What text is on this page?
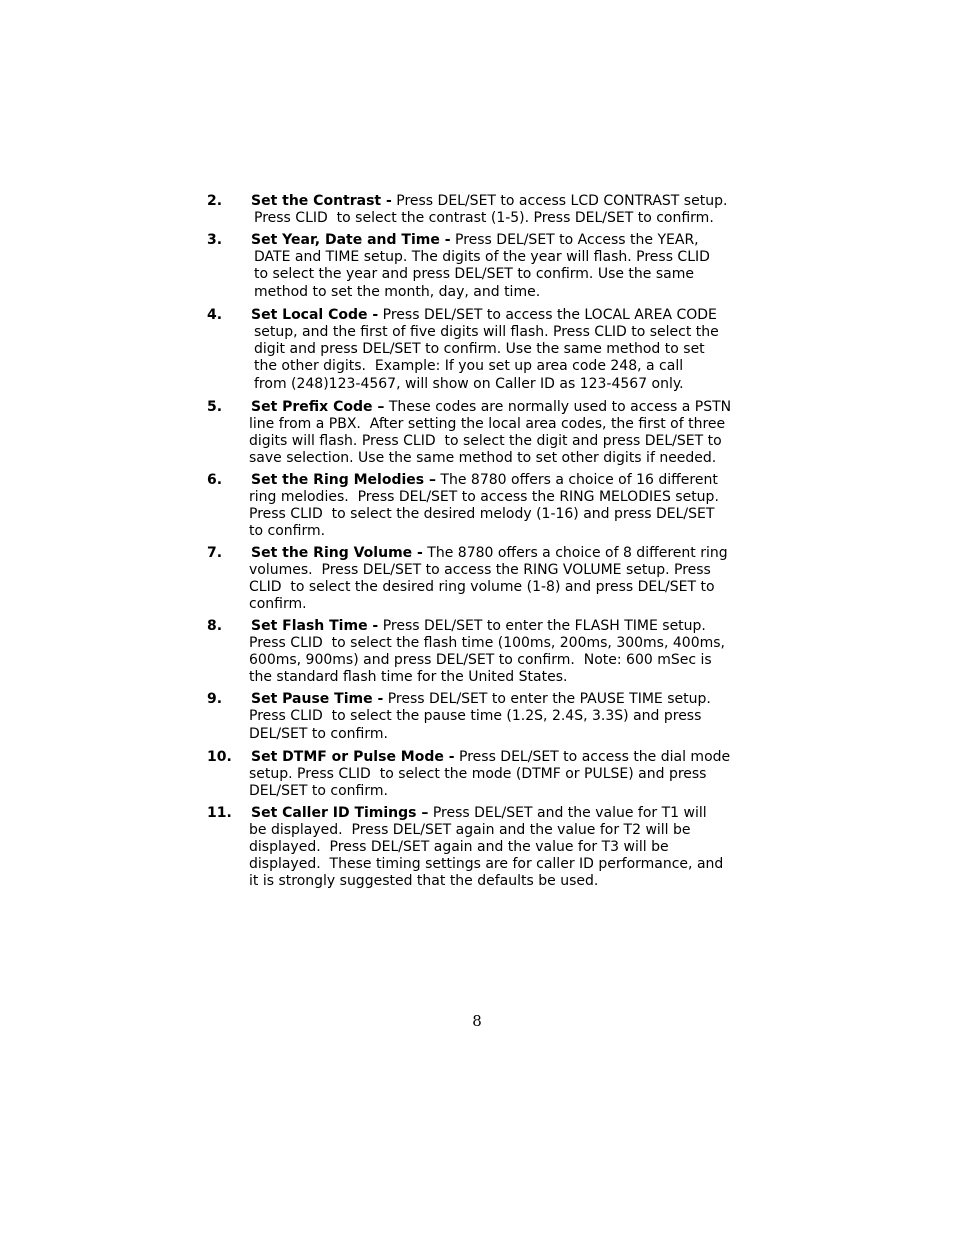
2.	Set the Contrast - Press DEL/SET to access LCD CONTRAST setup.
Press CLID  to select the contrast (1-5). Press DEL/SET to confirm.
3.	Set Year, Date and Time - Press DEL/SET to Access the YEAR,
DATE and TIME setup. The digits of the year will flash. Press CLID
to select the year and press DEL/SET to confirm. Use the same
method to set the month, day, and time.
4.	Set Local Code - Press DEL/SET to access the LOCAL AREA CODE
setup, and the first of five digits will flash. Press CLID to select the
digit and press DEL/SET to confirm. Use the same method to set
the other digits.  Example: If you set up area code 248, a call
from (248)123-4567, will show on Caller ID as 123-4567 only.
5.	Set Prefix Code – These codes are normally used to access a PSTN
line from a PBX.  After setting the local area codes, the first of three
digits will flash. Press CLID  to select the digit and press DEL/SET to
save selection. Use the same method to set other digits if needed.
6.	Set the Ring Melodies – The 8780 offers a choice of 16 different
ring melodies.  Press DEL/SET to access the RING MELODIES setup.
Press CLID  to select the desired melody (1-16) and press DEL/SET
to confirm.
7.	Set the Ring Volume - The 8780 offers a choice of 8 different ring
volumes.  Press DEL/SET to access the RING VOLUME setup. Press
CLID  to select the desired ring volume (1-8) and press DEL/SET to
confirm.
8.	Set Flash Time - Press DEL/SET to enter the FLASH TIME setup.
Press CLID  to select the flash time (100ms, 200ms, 300ms, 400ms,
600ms, 900ms) and press DEL/SET to confirm.  Note: 600 mSec is
the standard flash time for the United States.
9.	Set Pause Time - Press DEL/SET to enter the PAUSE TIME setup.
Press CLID  to select the pause time (1.2S, 2.4S, 3.3S) and press
DEL/SET to confirm.
10.	Set DTMF or Pulse Mode - Press DEL/SET to access the dial mode
setup. Press CLID  to select the mode (DTMF or PULSE) and press
DEL/SET to confirm.
11.	Set Caller ID Timings – Press DEL/SET and the value for T1 will
be displayed.  Press DEL/SET again and the value for T2 will be
displayed.  Press DEL/SET again and the value for T3 will be
displayed.  These timing settings are for caller ID performance, and
it is strongly suggested that the defaults be used.
8
